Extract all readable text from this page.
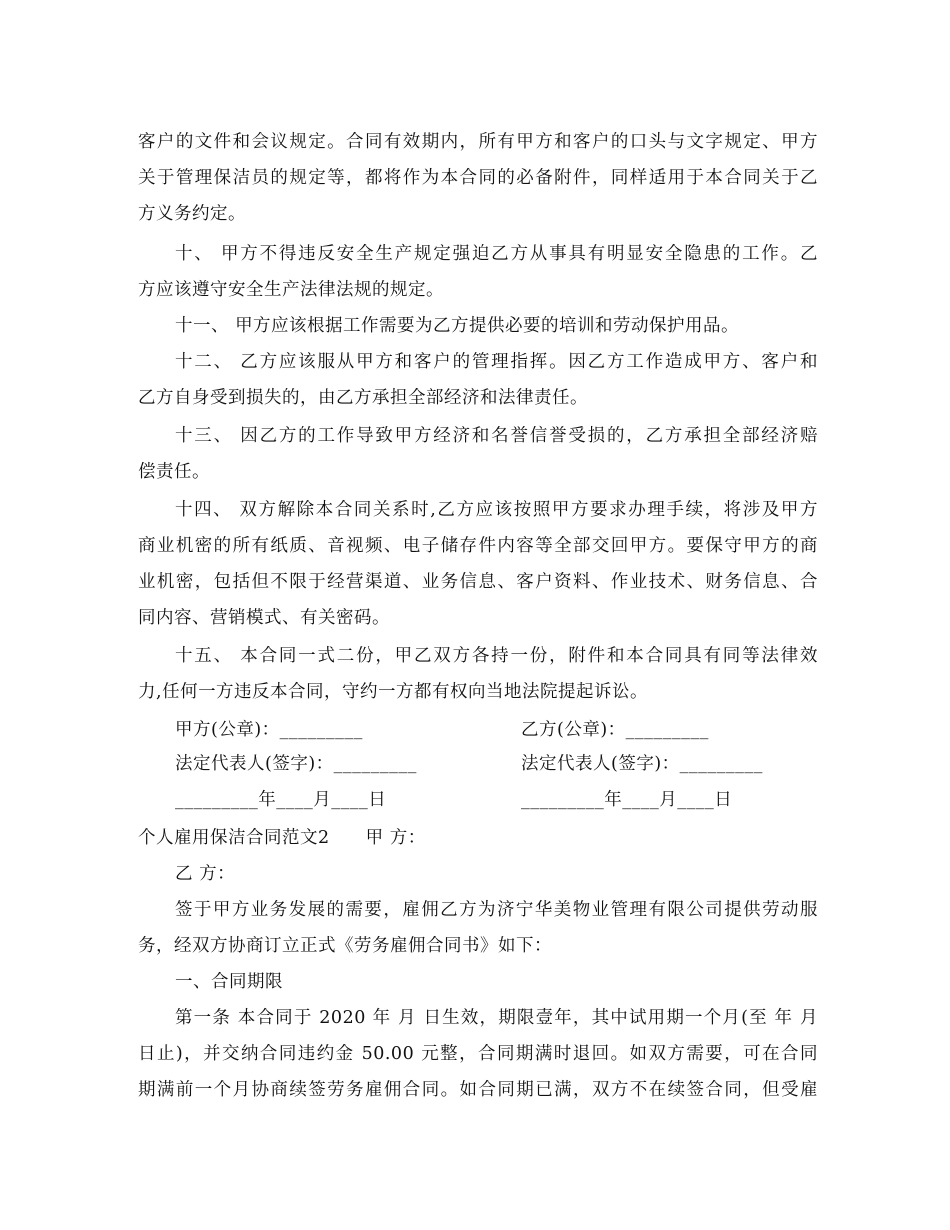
客户的文件和会议规定。合同有效期内，所有甲方和客户的口头与文字规定、甲方
关于管理保洁员的规定等，都将作为本合同的必备附件，同样适用于本合同关于乙
方义务约定。
十、 甲方不得违反安全生产规定强迫乙方从事具有明显安全隐患的工作。乙
方应该遵守安全生产法律法规的规定。
十一、 甲方应该根据工作需要为乙方提供必要的培训和劳动保护用品。
十二、 乙方应该服从甲方和客户的管理指挥。因乙方工作造成甲方、客户和
乙方自身受到损失的，由乙方承担全部经济和法律责任。
十三、 因乙方的工作导致甲方经济和名誉信誉受损的，乙方承担全部经济赔
偿责任。
十四、 双方解除本合同关系时,乙方应该按照甲方要求办理手续，将涉及甲方
商业机密的所有纸质、音视频、电子储存件内容等全部交回甲方。要保守甲方的商
业机密，包括但不限于经营渠道、业务信息、客户资料、作业技术、财务信息、合
同内容、营销模式、有关密码。
十五、 本合同一式二份，甲乙双方各持一份，附件和本合同具有同等法律效
力,任何一方违反本合同，守约一方都有权向当地法院提起诉讼。
甲方(公章)：_________	乙方(公章)：_________
法定代表人(签字)：_________	法定代表人(签字)：_________
_________年____月____日	_________年____月____日
个人雇用保洁合同范文2　　甲 方：
乙 方：
签于甲方业务发展的需要，雇佣乙方为济宁华美物业管理有限公司提供劳动服
务，经双方协商订立正式《劳务雇佣合同书》如下：
一、合同期限
第一条 本合同于 2020 年 月 日生效，期限壹年，其中试用期一个月(至 年 月
日止)，并交纳合同违约金 50.00 元整，合同期满时退回。如双方需要，可在合同
期满前一个月协商续签劳务雇佣合同。如合同期已满，双方不在续签合同，但受雇
